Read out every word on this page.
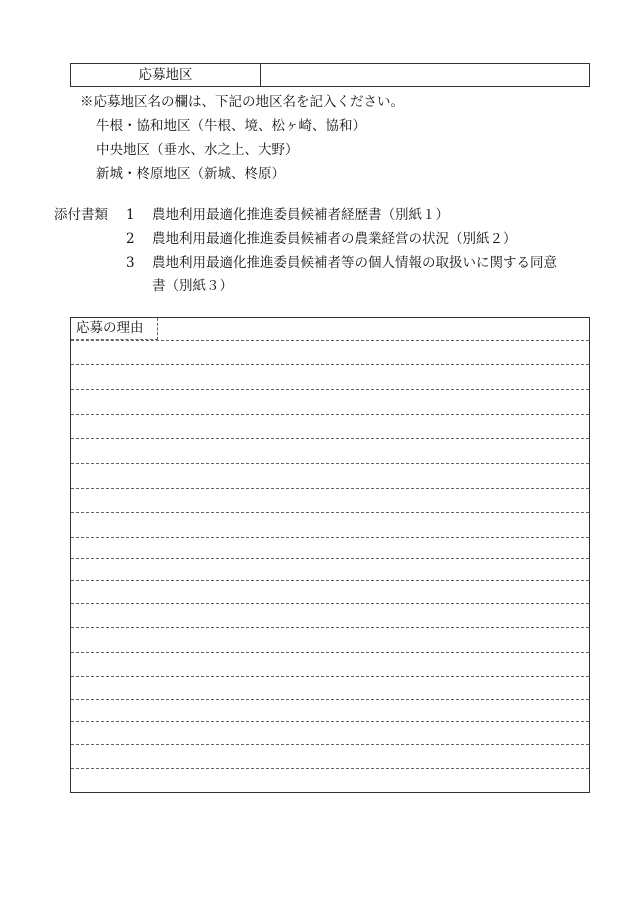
応募地区
※応募地区名の欄は、下記の地区名を記入ください。
牛根・協和地区（牛根、境、松ヶ崎、協和）
中央地区（垂水、水之上、大野）
新城・柊原地区（新城、柊原）
添付書類 1 農地利用最適化推進委員候補者経歴書（別紙１）
2 農地利用最適化推進委員候補者の農業経営の状況（別紙２）
3 農地利用最適化推進委員候補者等の個人情報の取扱いに関する同意
書（別紙３）
応募の理由
